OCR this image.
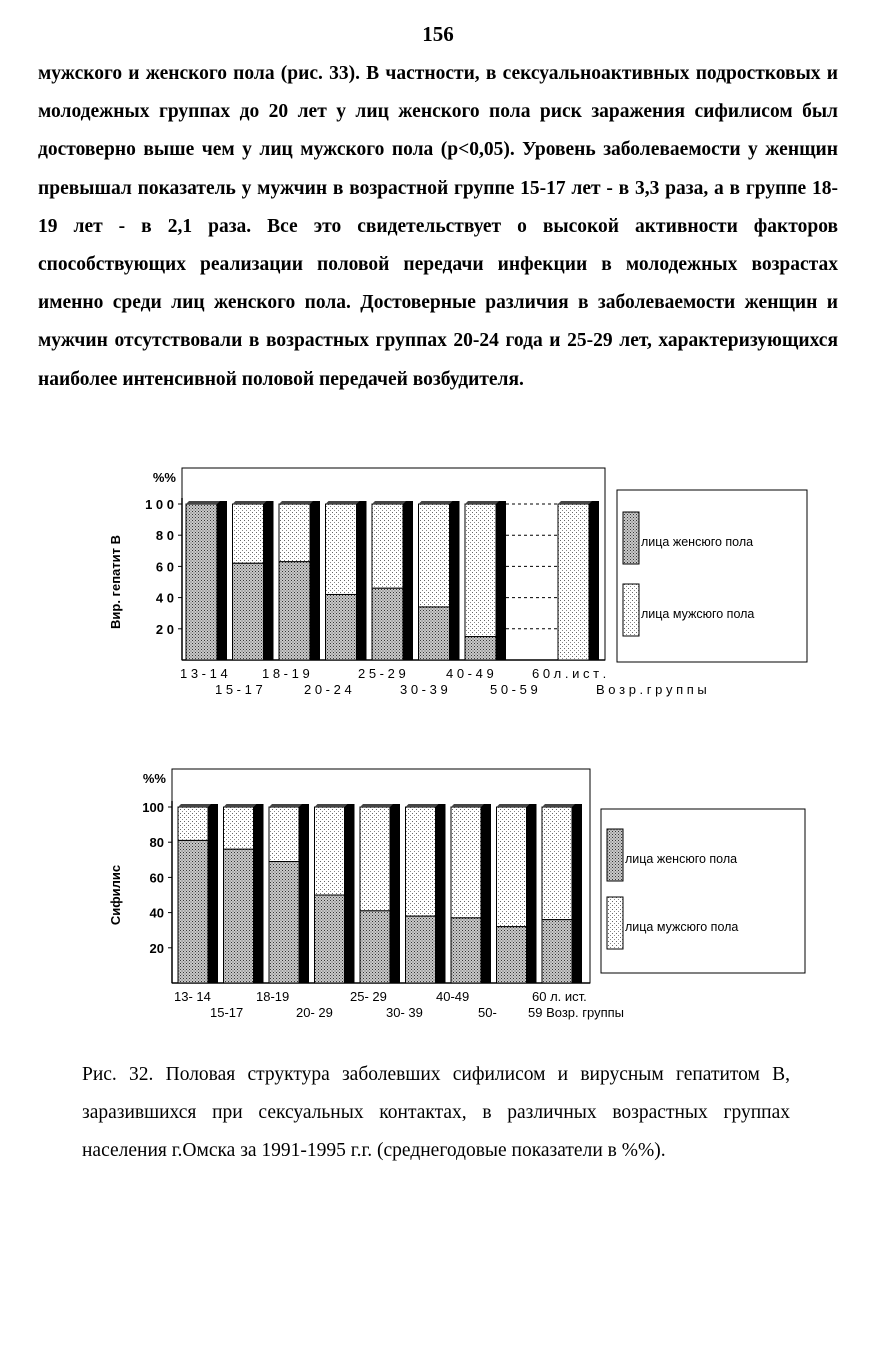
156

мужского и женского пола (рис. 33). В частности, в сексуальноактивных подростковых и молодежных группах до 20 лет у лиц женского пола риск заражения сифилисом был достоверно выше чем у лиц мужского пола (р<0,05). Уровень заболеваемости у женщин превышал показатель у мужчин в возрастной группе 15-17 лет - в 3,3 раза, а в группе 18-19 лет - в 2,1 раза. Все это свидетельствует о высокой активности факторов способствующих реализации половой передачи инфекции в молодежных возрастах именно среди лиц женского пола. Достоверные различия в заболеваемости женщин и мужчин отсутствовали в возрастных группах 20-24 года и 25-29 лет, характеризующихся наиболее интенсивной половой передачей возбудителя.

%%
2 0
4 0
6 0
8 0
1 0 0
Вир. гепатит В
1 3 - 1 4	1 8 - 1 9	2 5 - 2 9	4 0 - 4 9	6 0 л . и с т .
1 5 - 1 7	2 0 - 2 4	3 0 - 3 9	5 0 - 5 9	В о з р . г р у п п ы
лица женсюго пола
лица мужсюго пола
%%
20
40
60
80
100
Сифилис
13- 14	18-19	25- 29	40-49	60 л. ист.
15-17	20- 29	30- 39	50- 59 Возр. группы
лица женсюго пола
лица мужсюго пола

Рис. 32. Половая структура заболевших сифилисом и вирусным гепатитом В, заразившихся при сексуальных контактах, в различных возрастных группах населения г.Омска за 1991-1995 г.г. (среднегодовые показатели в %%).
